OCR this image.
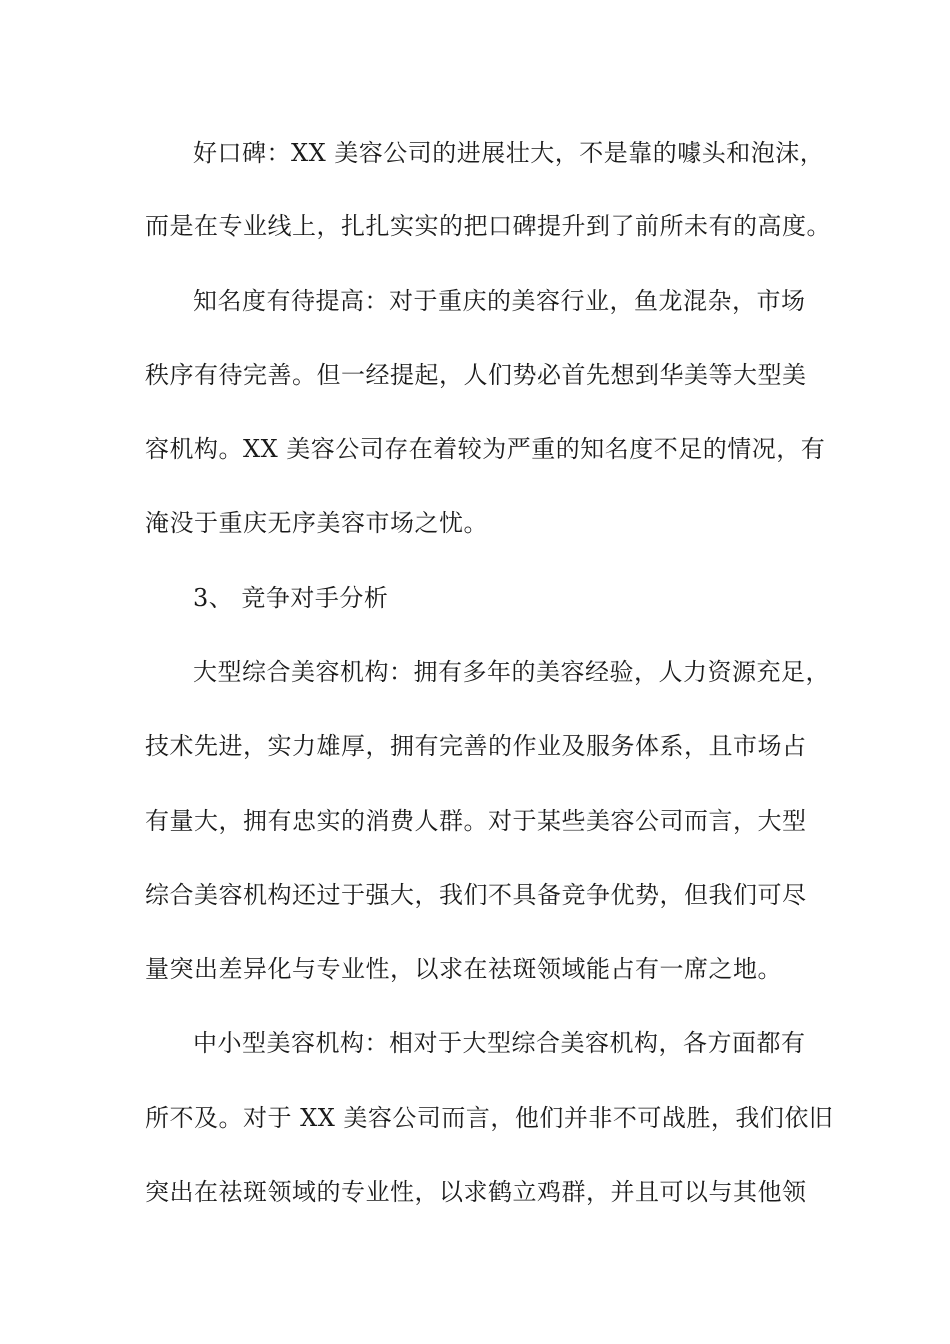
好口碑：XX 美容公司的进展壮大，不是靠的噱头和泡沫，
而是在专业线上，扎扎实实的把口碑提升到了前所未有的高度。
知名度有待提高：对于重庆的美容行业，鱼龙混杂，市场
秩序有待完善。但一经提起，人们势必首先想到华美等大型美
容机构。XX 美容公司存在着较为严重的知名度不足的情况，有
淹没于重庆无序美容市场之忧。
3、 竞争对手分析
大型综合美容机构：拥有多年的美容经验，人力资源充足，
技术先进，实力雄厚，拥有完善的作业及服务体系，且市场占
有量大，拥有忠实的消费人群。对于某些美容公司而言，大型
综合美容机构还过于强大，我们不具备竞争优势，但我们可尽
量突出差异化与专业性，以求在祛斑领域能占有一席之地。
中小型美容机构：相对于大型综合美容机构，各方面都有
所不及。对于 XX 美容公司而言，他们并非不可战胜，我们依旧
突出在祛斑领域的专业性，以求鹤立鸡群，并且可以与其他领
